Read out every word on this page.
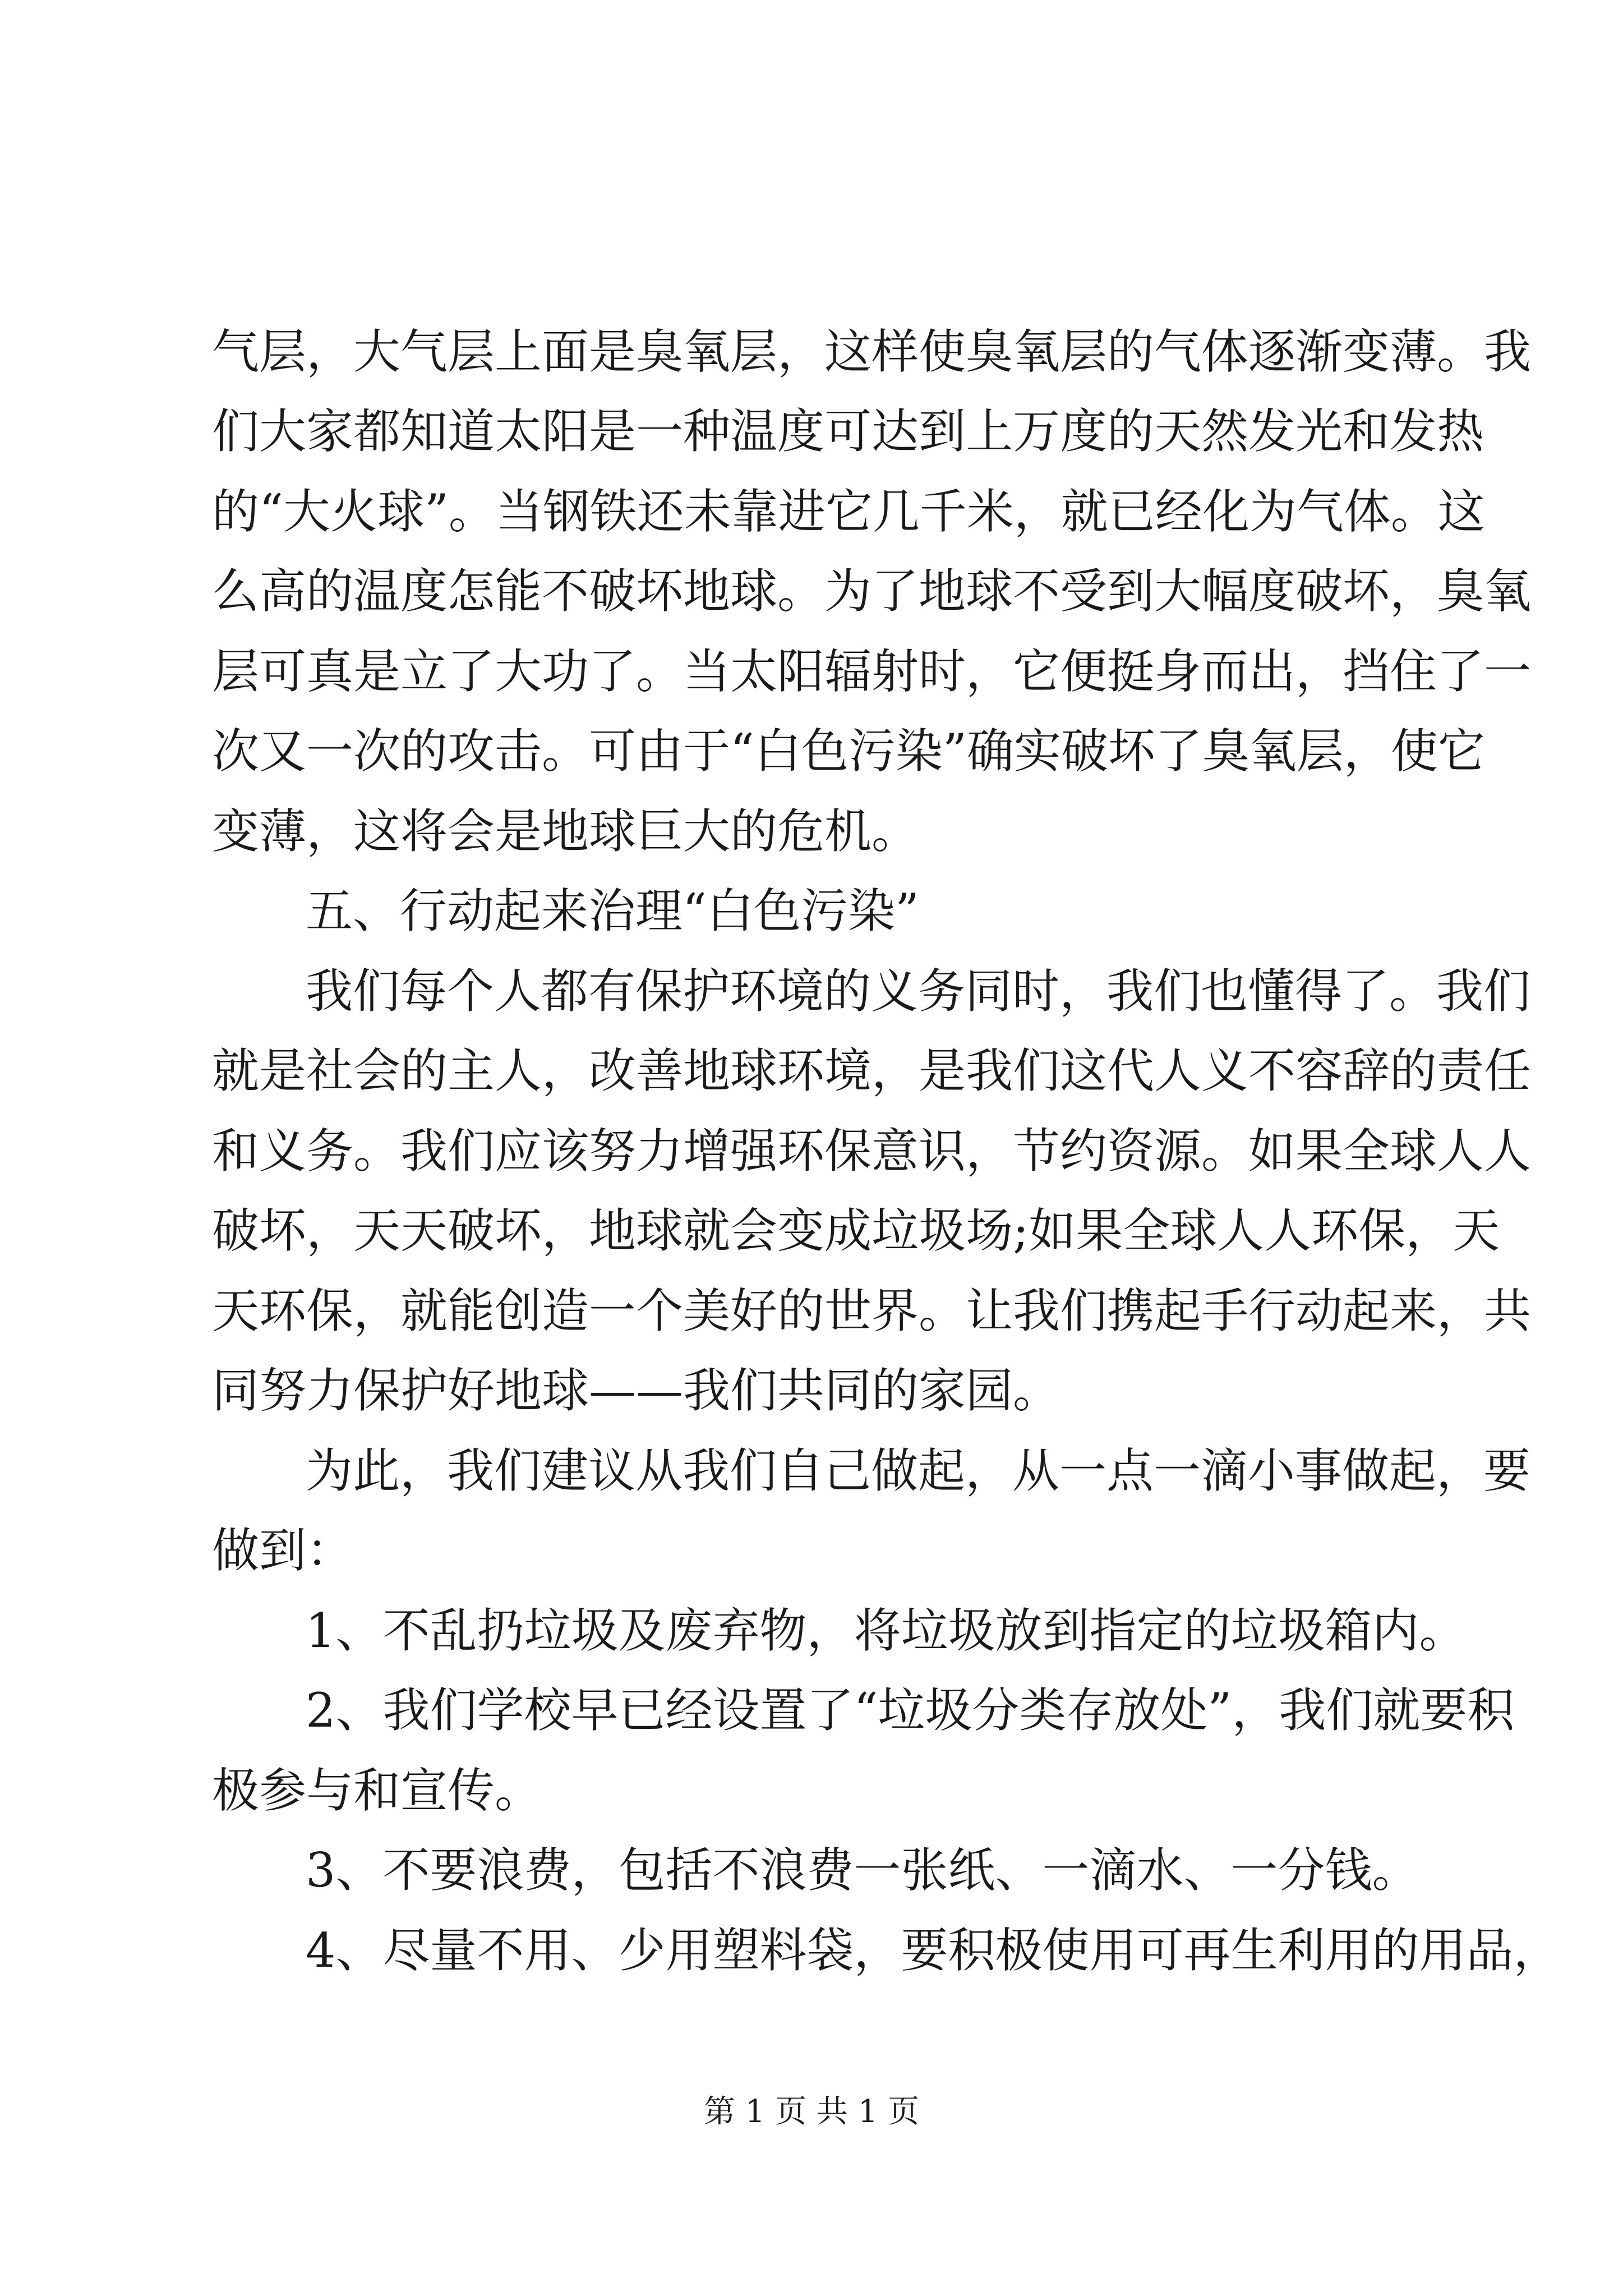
气层，大气层上面是臭氧层，这样使臭氧层的气体逐渐变薄。我
们大家都知道太阳是一种温度可达到上万度的天然发光和发热
的“大火球”。当钢铁还未靠进它几千米，就已经化为气体。这
么高的温度怎能不破坏地球。为了地球不受到大幅度破坏，臭氧
层可真是立了大功了。当太阳辐射时，它便挺身而出，挡住了一
次又一次的攻击。可由于“白色污染”确实破坏了臭氧层，使它
变薄，这将会是地球巨大的危机。
五、行动起来治理“白色污染”
我们每个人都有保护环境的义务同时，我们也懂得了。我们
就是社会的主人，改善地球环境，是我们这代人义不容辞的责任
和义务。我们应该努力增强环保意识，节约资源。如果全球人人
破坏，天天破坏，地球就会变成垃圾场;如果全球人人环保，天
天环保，就能创造一个美好的世界。让我们携起手行动起来，共
同努力保护好地球——我们共同的家园。
为此，我们建议从我们自己做起，从一点一滴小事做起，要
做到：
1、不乱扔垃圾及废弃物，将垃圾放到指定的垃圾箱内。
2、我们学校早已经设置了“垃圾分类存放处”，我们就要积
极参与和宣传。
3、不要浪费，包括不浪费一张纸、一滴水、一分钱。
4、尽量不用、少用塑料袋，要积极使用可再生利用的用品，
第 1 页 共 1 页
